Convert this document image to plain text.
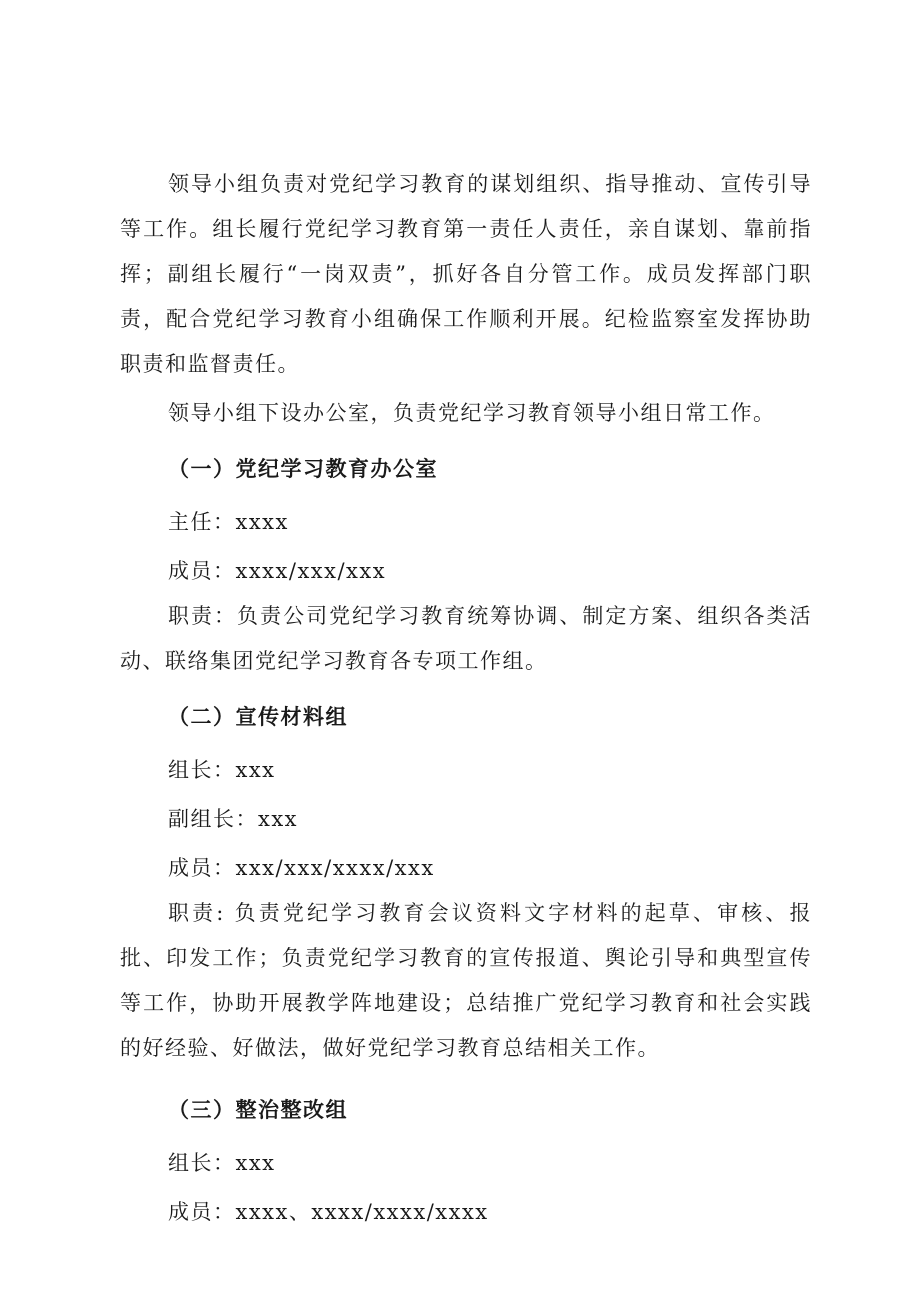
领导小组负责对党纪学习教育的谋划组织、指导推动、宣传引导等工作。组长履行党纪学习教育第一责任人责任，亲自谋划、靠前指挥；副组长履行“一岗双责”，抓好各自分管工作。成员发挥部门职责，配合党纪学习教育小组确保工作顺利开展。纪检监察室发挥协助职责和监督责任。

领导小组下设办公室，负责党纪学习教育领导小组日常工作。

（一）党纪学习教育办公室

主任：xxxx

成员：xxxx/xxx/xxx

职责：负责公司党纪学习教育统筹协调、制定方案、组织各类活动、联络集团党纪学习教育各专项工作组。

（二）宣传材料组

组长：xxx

副组长：xxx

成员：xxx/xxx/xxxx/xxx

职责: 负责党纪学习教育会议资料文字材料的起草、审核、报批、印发工作；负责党纪学习教育的宣传报道、舆论引导和典型宣传等工作，协助开展教学阵地建设；总结推广党纪学习教育和社会实践的好经验、好做法，做好党纪学习教育总结相关工作。

（三）整治整改组

组长：xxx

成员：xxxx、xxxx/xxxx/xxxx
